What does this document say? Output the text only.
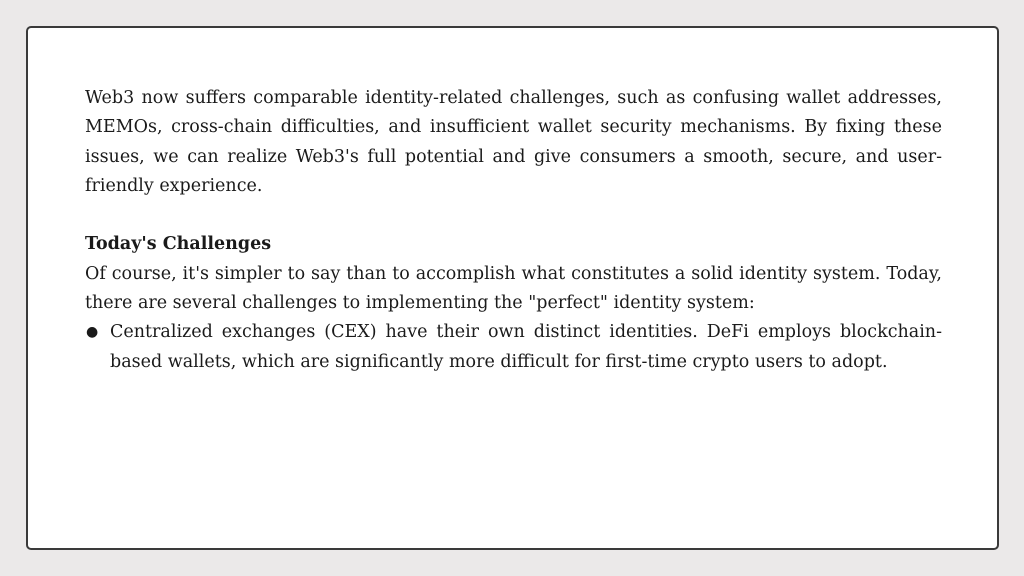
Web3 now suffers comparable identity-related challenges, such as confusing wallet addresses, MEMOs, cross-chain difficulties, and insufficient wallet security mechanisms. By fixing these issues, we can realize Web3's full potential and give consumers a smooth, secure, and user-friendly experience.

Today's Challenges

Of course, it's simpler to say than to accomplish what constitutes a solid identity system. Today, there are several challenges to implementing the "perfect" identity system:

● Centralized exchanges (CEX) have their own distinct identities. DeFi employs blockchain-based wallets, which are significantly more difficult for first-time crypto users to adopt.
